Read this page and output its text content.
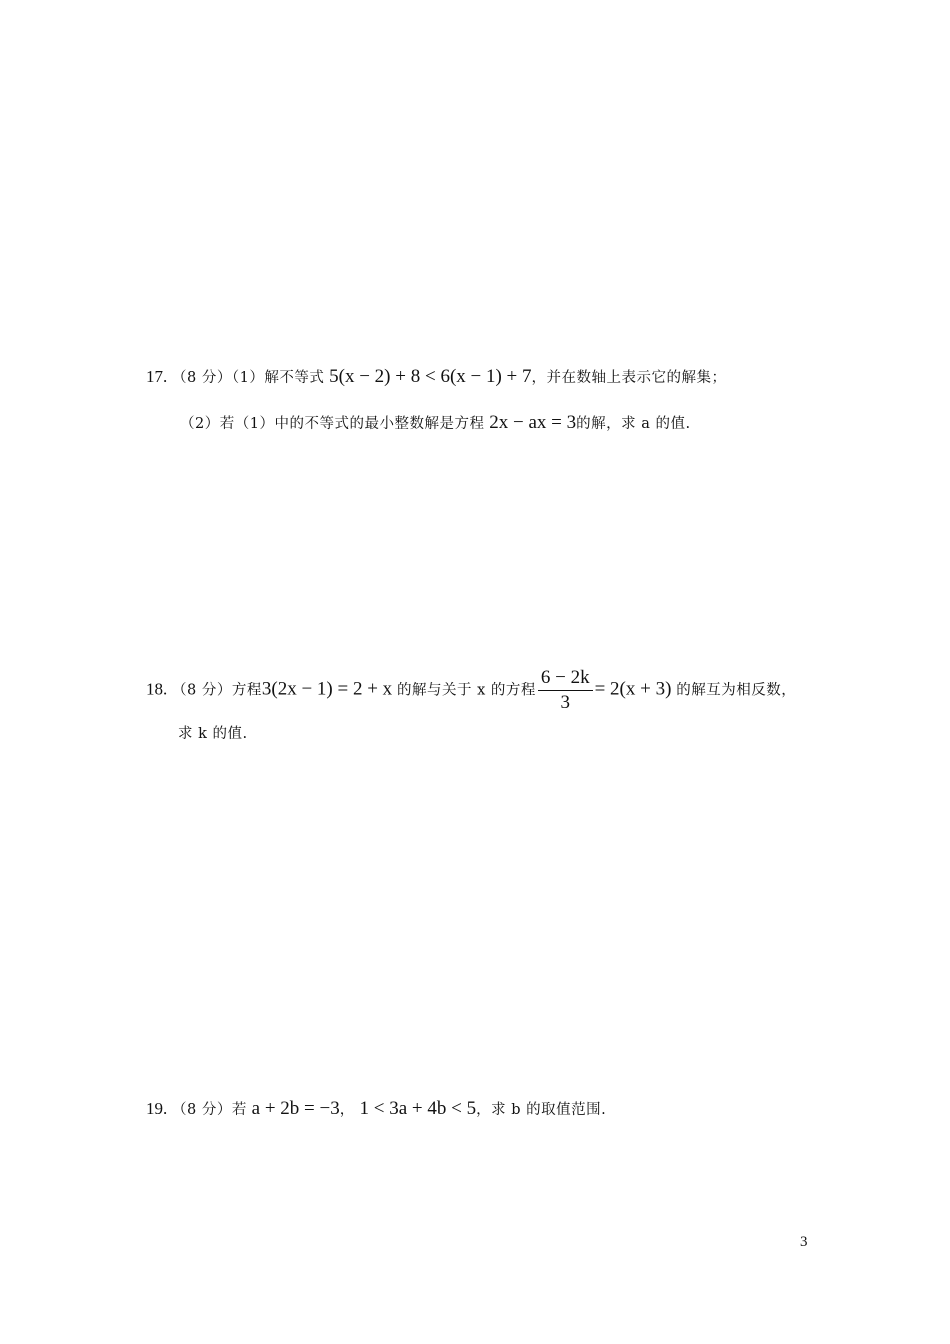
17. （8 分）（1）解不等式 5(x − 2) + 8 < 6(x − 1) + 7，并在数轴上表示它的解集；
（2）若（1）中的不等式的最小整数解是方程 2x − ax = 3的解，求 a 的值.
18. （8 分）方程3(2x − 1) = 2 + x 的解与关于 x 的方程 $\frac{6 - 2k}{3} = 2(x + 3)$ 的解互为相反数，
求 k 的值.
19. （8 分）若 a + 2b = −3， 1 < 3a + 4b < 5，求 b 的取值范围.
3
